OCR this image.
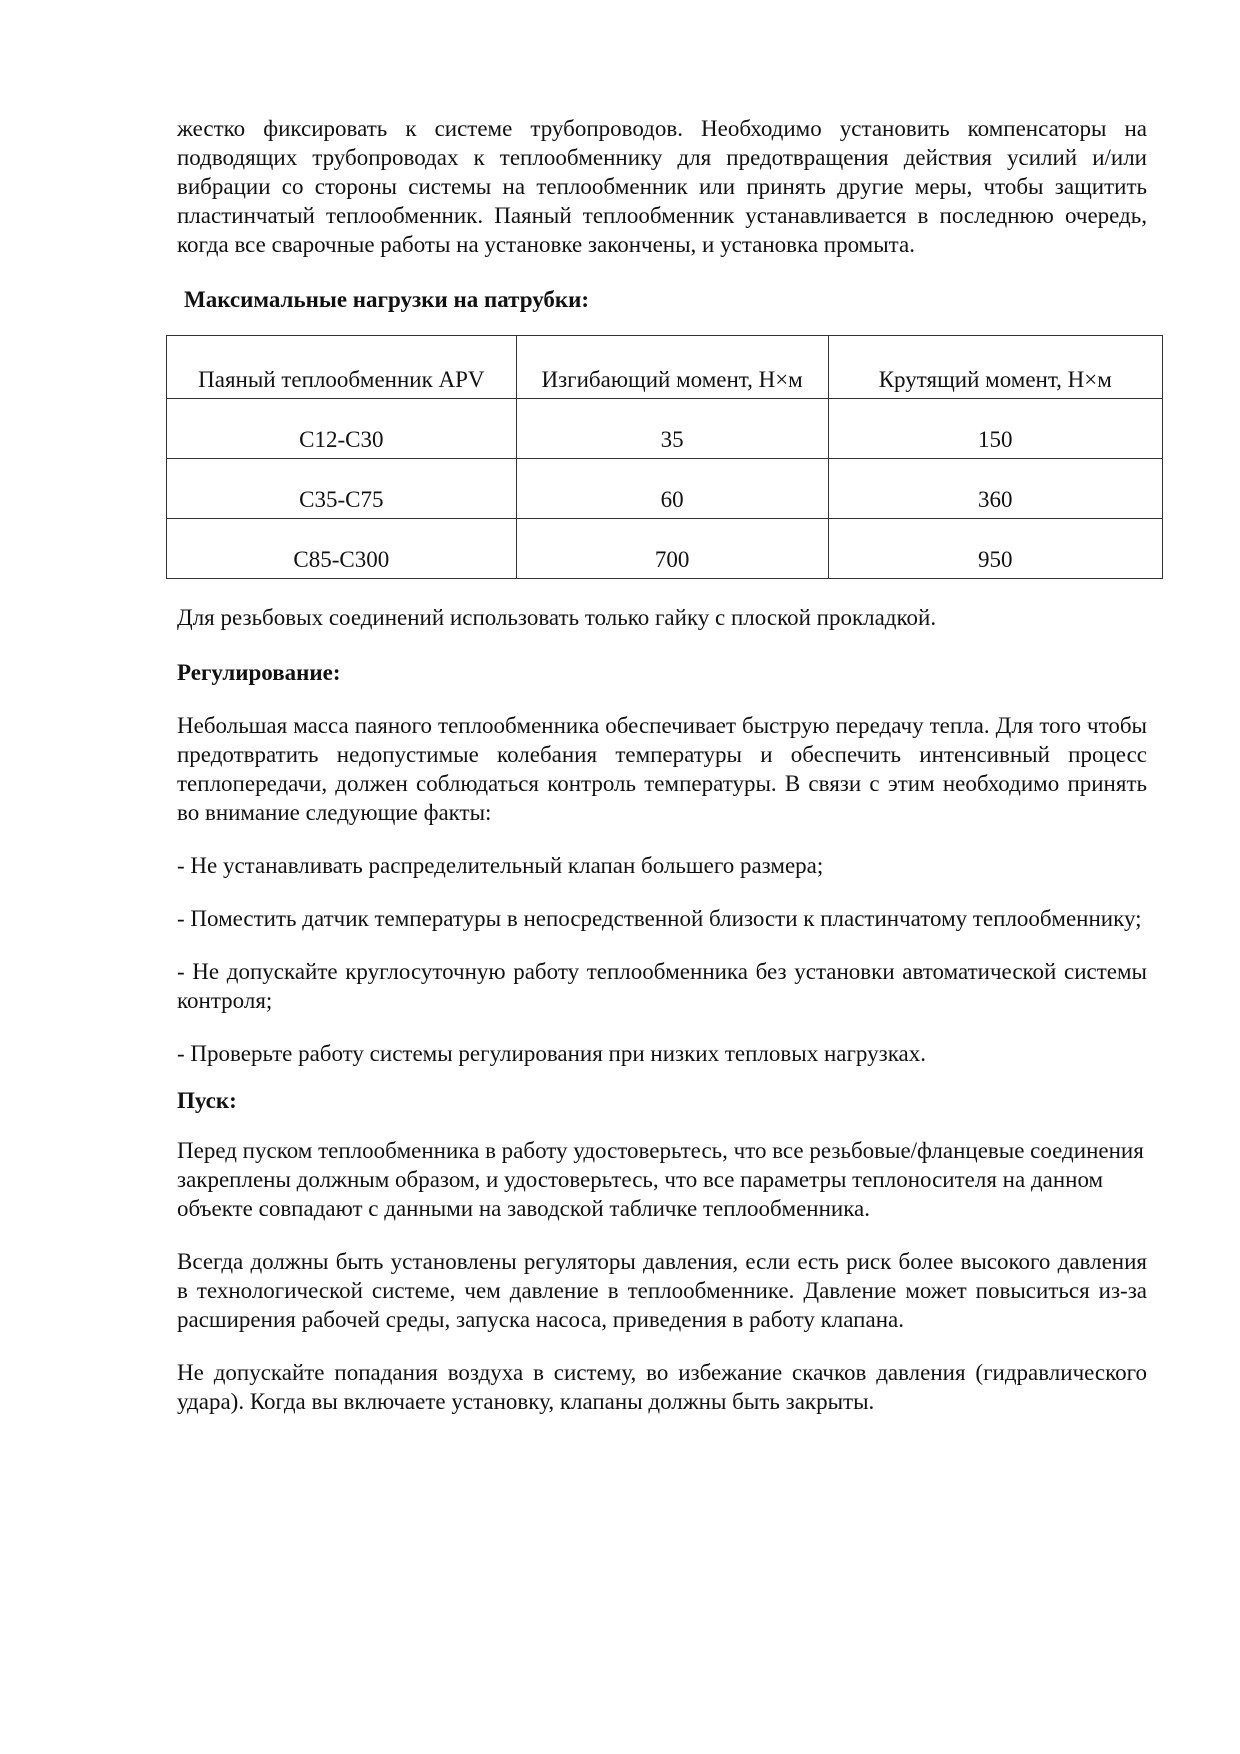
жестко фиксировать к системе трубопроводов. Необходимо установить компенсаторы на подводящих трубопроводах к теплообменнику для предотвращения действия усилий и/или вибрации со стороны системы на теплообменник или принять другие меры, чтобы защитить пластинчатый теплообменник. Паяный теплообменник устанавливается в последнюю очередь, когда все сварочные работы на установке закончены, и установка промыта.

Максимальные нагрузки на патрубки:

Паяный теплообменник APV	Изгибающий момент, Н×м	Крутящий момент, Н×м
C12-C30	35	150
C35-C75	60	360
C85-C300	700	950

Для резьбовых соединений использовать только гайку с плоской прокладкой.

Регулирование:

Небольшая масса паяного теплообменника обеспечивает быструю передачу тепла. Для того чтобы предотвратить недопустимые колебания температуры и обеспечить интенсивный процесс теплопередачи, должен соблюдаться контроль температуры. В связи с этим необходимо принять во внимание следующие факты:

- Не устанавливать распределительный клапан большего размера;

- Поместить датчик температуры в непосредственной близости к пластинчатому теплообменнику;

- Не допускайте круглосуточную работу теплообменника без установки автоматической системы контроля;

- Проверьте работу системы регулирования при низких тепловых нагрузках.

Пуск:

Перед пуском теплообменника в работу удостоверьтесь, что все резьбовые/фланцевые соединения закреплены должным образом, и удостоверьтесь, что все параметры теплоносителя на данном объекте совпадают с данными на заводской табличке теплообменника.

Всегда должны быть установлены регуляторы давления, если есть риск более высокого давления в технологической системе, чем давление в теплообменнике. Давление может повыситься из-за расширения рабочей среды, запуска насоса, приведения в работу клапана.

Не допускайте попадания воздуха в систему, во избежание скачков давления (гидравлического удара). Когда вы включаете установку, клапаны должны быть закрыты.
